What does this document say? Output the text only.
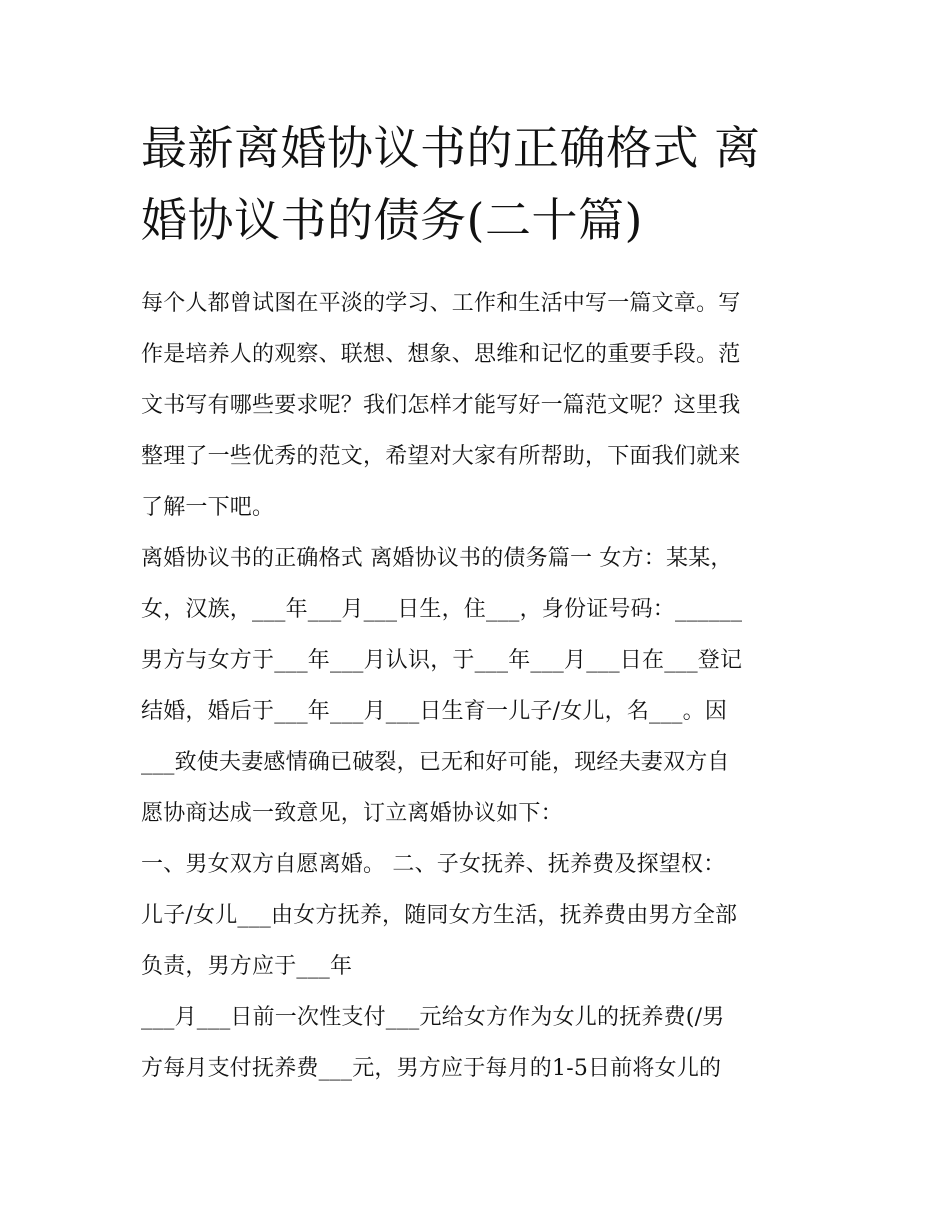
最新离婚协议书的正确格式 离
婚协议书的债务(二十篇)
每个人都曾试图在平淡的学习、工作和生活中写一篇文章。写
作是培养人的观察、联想、想象、思维和记忆的重要手段。范
文书写有哪些要求呢？我们怎样才能写好一篇范文呢？这里我
整理了一些优秀的范文，希望对大家有所帮助，下面我们就来
了解一下吧。
离婚协议书的正确格式 离婚协议书的债务篇一 女方：某某，
女，汉族，___年___月___日生，住___，身份证号码：______
男方与女方于___年___月认识，于___年___月___日在___登记
结婚，婚后于___年___月___日生育一儿子/女儿，名___。因
___致使夫妻感情确已破裂，已无和好可能，现经夫妻双方自
愿协商达成一致意见，订立离婚协议如下：
一、男女双方自愿离婚。 二、子女抚养、抚养费及探望权：
儿子/女儿___由女方抚养，随同女方生活，抚养费由男方全部
负责，男方应于___年
___月___日前一次性支付___元给女方作为女儿的抚养费(/男
方每月支付抚养费___元，男方应于每月的1-5日前将女儿的
